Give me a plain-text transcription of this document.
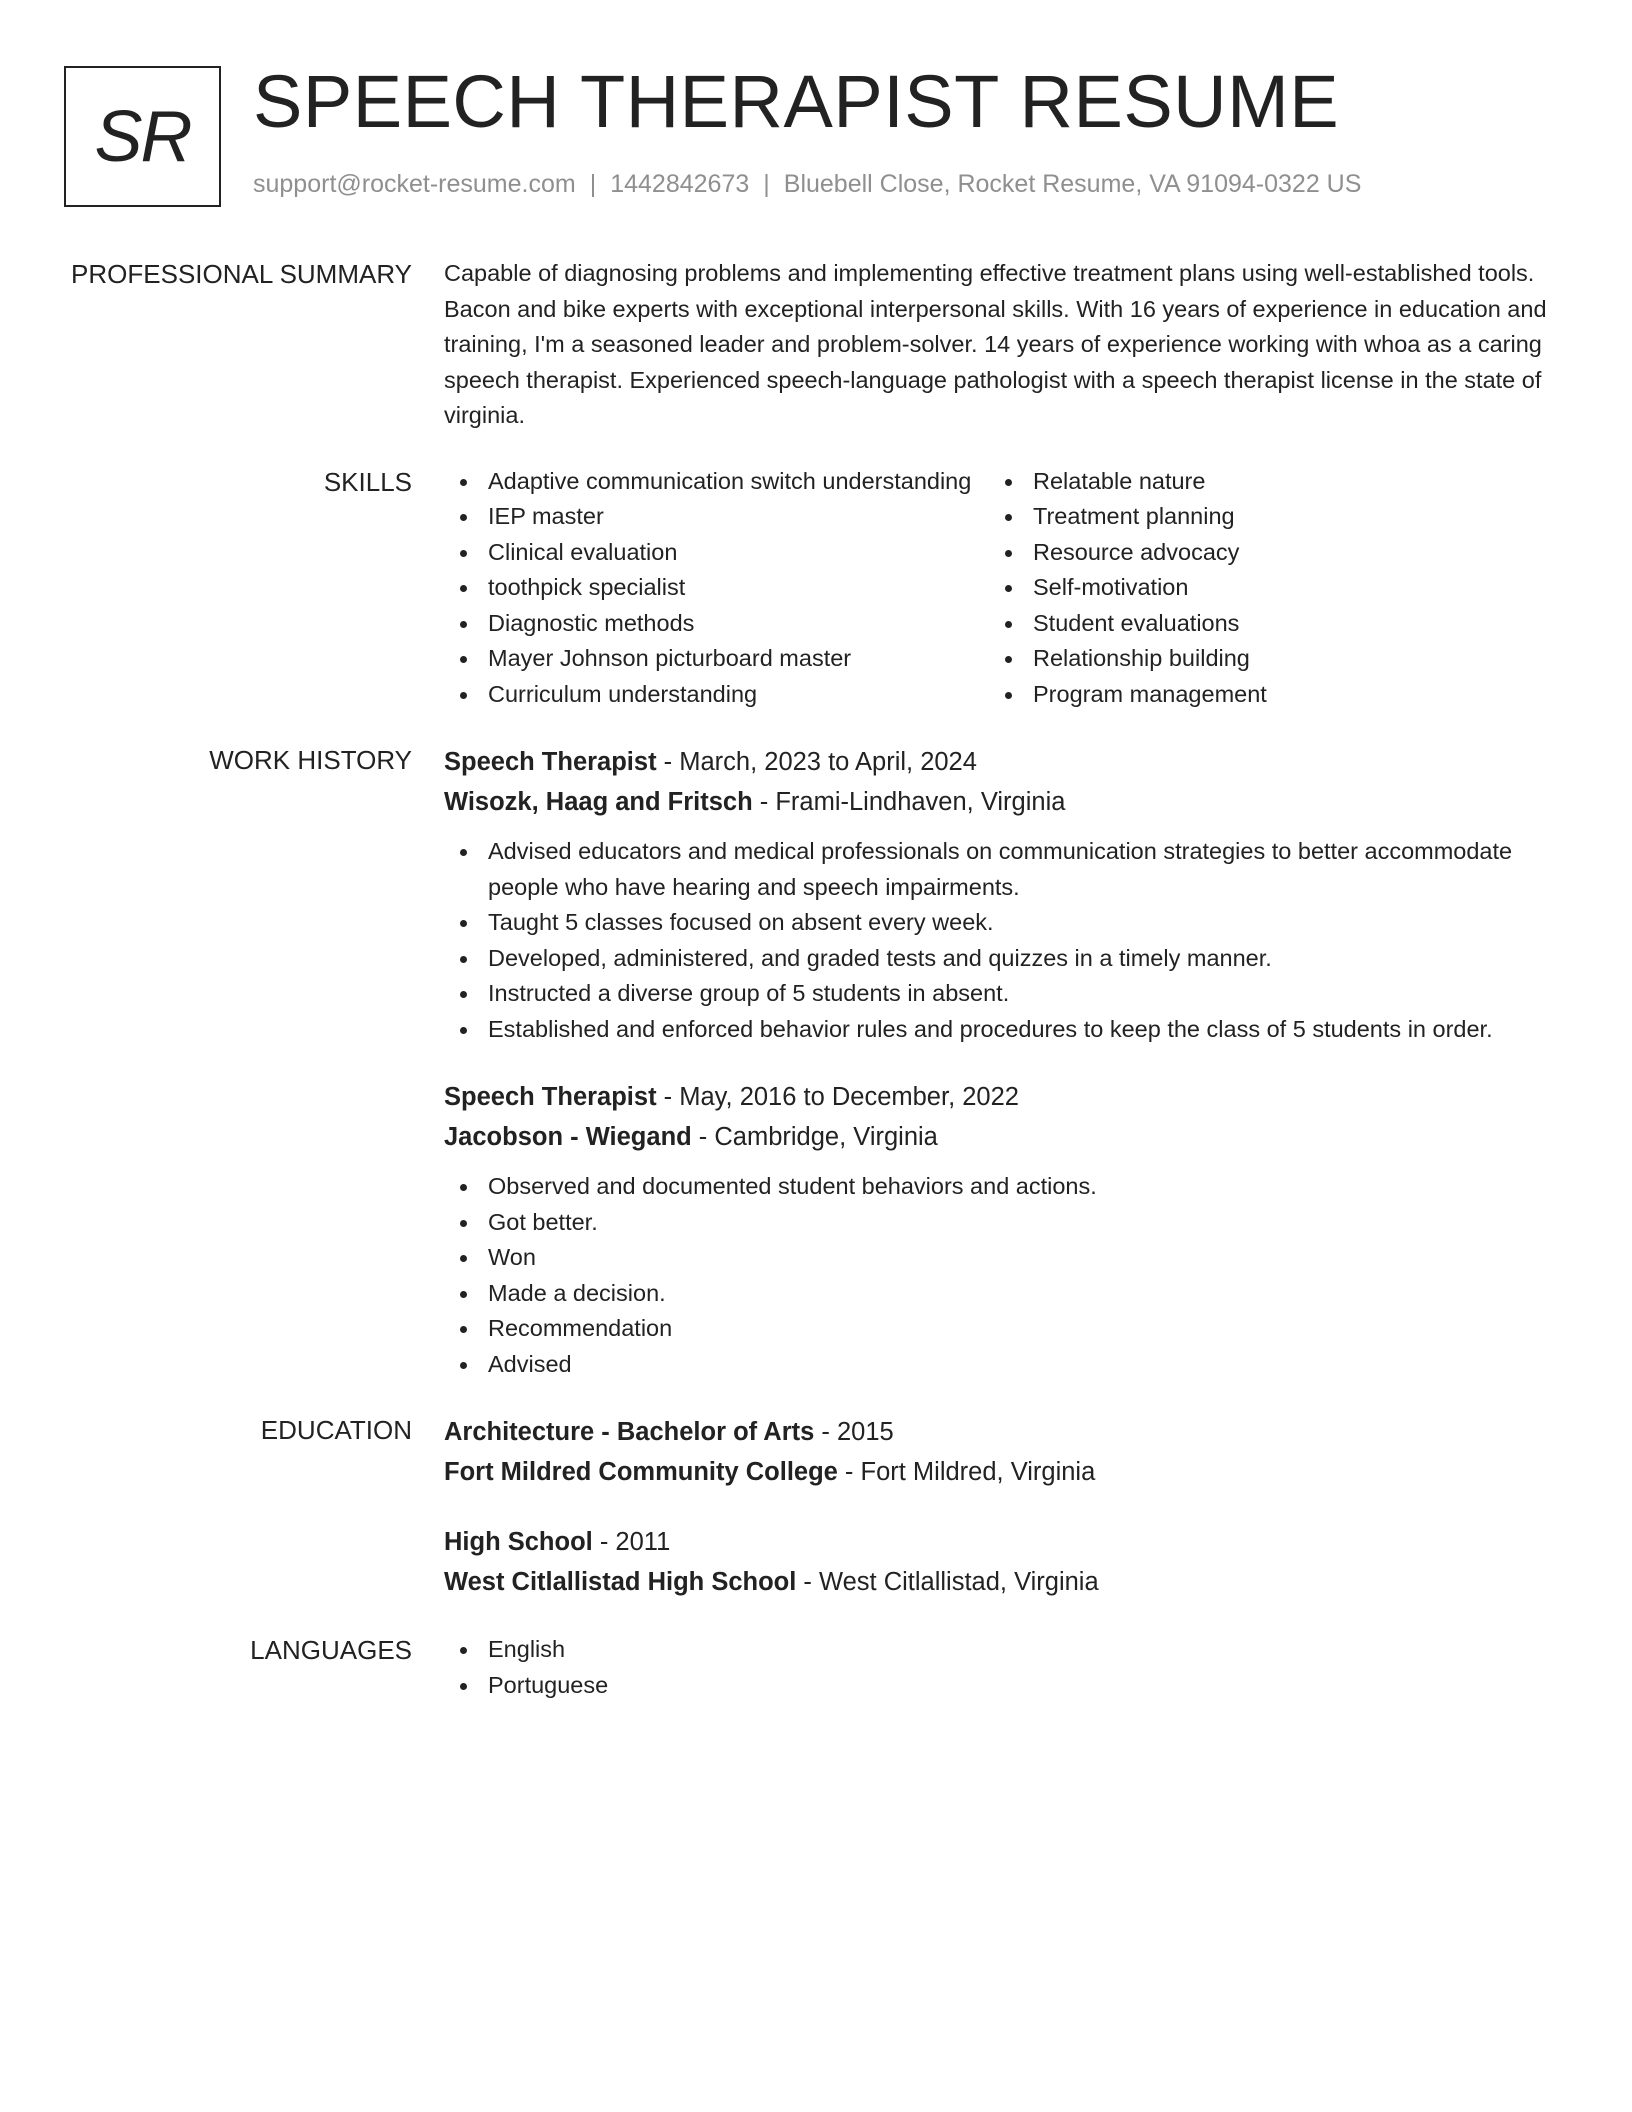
SR SPEECH THERAPIST RESUME
support@rocket-resume.com | 1442842673 | Bluebell Close, Rocket Resume, VA 91094-0322 US
PROFESSIONAL SUMMARY Capable of diagnosing problems and implementing effective treatment plans using well-established tools. Bacon and bike experts with exceptional interpersonal skills. With 16 years of experience in education and training, I'm a seasoned leader and problem-solver. 14 years of experience working with whoa as a caring speech therapist. Experienced speech-language pathologist with a speech therapist license in the state of virginia.

SKILLS	Adaptive communication switch understanding
IEP master
Clinical evaluation
toothpick specialist
Diagnostic methods
Mayer Johnson picturboard master
Curriculum understanding
Relatable nature
Treatment planning
Resource advocacy
Self-motivation
Student evaluations
Relationship building
Program management
WORK HISTORY Speech Therapist - March, 2023 to April, 2024
Wisozk, Haag and Fritsch - Frami-Lindhaven, Virginia
Advised educators and medical professionals on communication strategies to better accommodate people who have hearing and speech impairments.
Taught 5 classes focused on absent every week.
Developed, administered, and graded tests and quizzes in a timely manner.
Instructed a diverse group of 5 students in absent.
Established and enforced behavior rules and procedures to keep the class of 5 students in order.
Speech Therapist - May, 2016 to December, 2022
Jacobson - Wiegand - Cambridge, Virginia
Observed and documented student behaviors and actions.
Got better.
Won
Made a decision.
Recommendation
Advised
EDUCATION Architecture - Bachelor of Arts - 2015
Fort Mildred Community College - Fort Mildred, Virginia
High School - 2011
West Citlallistad High School - West Citlallistad, Virginia
LANGUAGES	English
Portuguese
